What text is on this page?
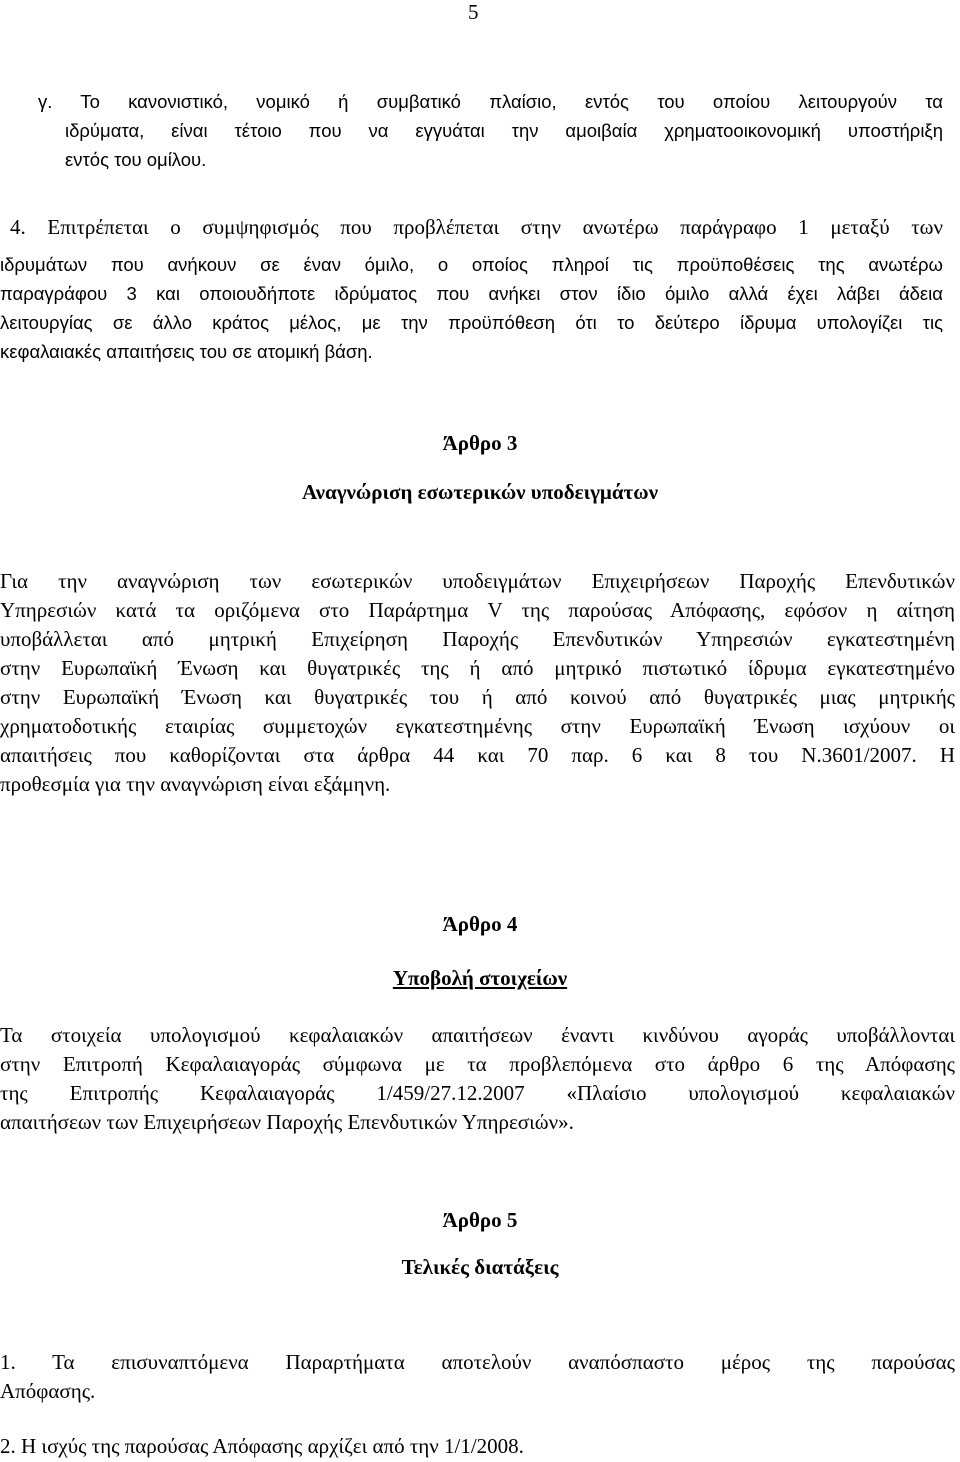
5
γ. Το κανονιστικό, νομικό ή συμβατικό πλαίσιο, εντός του οποίου λειτουργούν τα
ιδρύματα, είναι τέτοιο που να εγγυάται την αμοιβαία χρηματοοικονομική υποστήριξη
εντός του ομίλου.
4. Επιτρέπεται ο συμψηφισμός που προβλέπεται στην ανωτέρω παράγραφο 1 μεταξύ των
ιδρυμάτων που ανήκουν σε έναν όμιλο, ο οποίος πληροί τις προϋποθέσεις της ανωτέρω
παραγράφου 3 και οποιουδήποτε ιδρύματος που ανήκει στον ίδιο όμιλο αλλά έχει λάβει άδεια
λειτουργίας σε άλλο κράτος μέλος, με την προϋπόθεση ότι το δεύτερο ίδρυμα υπολογίζει τις
κεφαλαιακές απαιτήσεις του σε ατομική βάση.
Άρθρο 3
Αναγνώριση εσωτερικών υποδειγμάτων
Για την αναγνώριση των εσωτερικών υποδειγμάτων Επιχειρήσεων Παροχής Επενδυτικών
Υπηρεσιών κατά τα οριζόμενα στο Παράρτημα V της παρούσας Απόφασης, εφόσον η αίτηση
υποβάλλεται από μητρική Επιχείρηση Παροχής Επενδυτικών Υπηρεσιών εγκατεστημένη
στην Ευρωπαϊκή Ένωση και θυγατρικές της ή από μητρικό πιστωτικό ίδρυμα εγκατεστημένο
στην Ευρωπαϊκή Ένωση και θυγατρικές του ή από κοινού από θυγατρικές μιας μητρικής
χρηματοδοτικής εταιρίας συμμετοχών εγκατεστημένης στην Ευρωπαϊκή Ένωση ισχύουν οι
απαιτήσεις που καθορίζονται στα άρθρα 44 και 70 παρ. 6 και 8 του Ν.3601/2007. Η
προθεσμία για την αναγνώριση είναι εξάμηνη.
Άρθρο 4
Υποβολή στοιχείων
Τα στοιχεία υπολογισμού κεφαλαιακών απαιτήσεων έναντι κινδύνου αγοράς υποβάλλονται
στην Επιτροπή Κεφαλαιαγοράς σύμφωνα με τα προβλεπόμενα στο άρθρο 6 της Απόφασης
της Επιτροπής Κεφαλαιαγοράς 1/459/27.12.2007 «Πλαίσιο υπολογισμού κεφαλαιακών
απαιτήσεων των Επιχειρήσεων Παροχής Επενδυτικών Υπηρεσιών».
Άρθρο 5
Τελικές διατάξεις
1. Τα επισυναπτόμενα Παραρτήματα αποτελούν αναπόσπαστο μέρος της παρούσας
Απόφασης.
2. Η ισχύς της παρούσας Απόφασης αρχίζει από την 1/1/2008.
